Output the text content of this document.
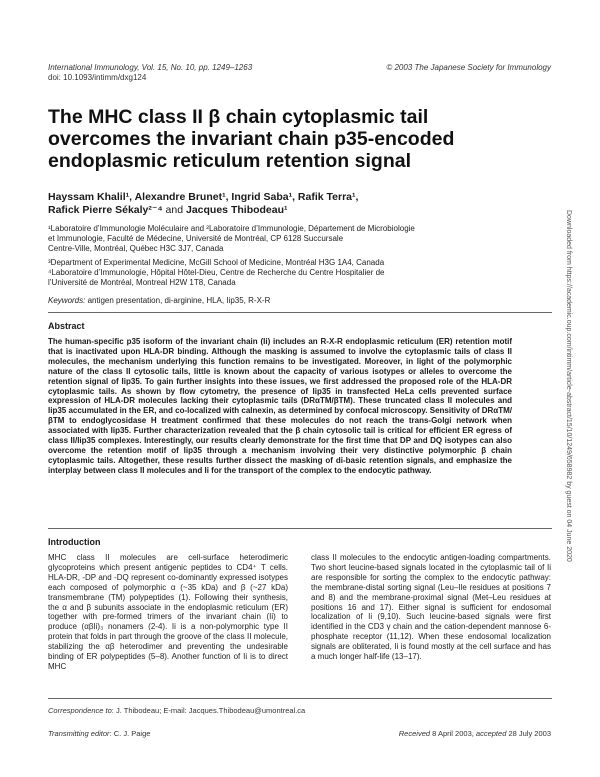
International Immunology, Vol. 15, No. 10, pp. 1249–1263
doi: 10.1093/intimm/dxg124
© 2003 The Japanese Society for Immunology
The MHC class II β chain cytoplasmic tail overcomes the invariant chain p35-encoded endoplasmic reticulum retention signal
Hayssam Khalil¹, Alexandre Brunet¹, Ingrid Saba¹, Rafik Terra¹,
Rafick Pierre Sékaly²⁻⁴ and Jacques Thibodeau¹
¹Laboratoire d’Immunologie Moléculaire and ²Laboratoire d’Immunologie, Département de Microbiologie
et Immunologie, Faculté de Médecine, Université de Montréal, CP 6128 Succursale
Centre-Ville, Montréal, Québec H3C 3J7, Canada
³Department of Experimental Medicine, McGill School of Medicine, Montréal H3G 1A4, Canada
⁴Laboratoire d’Immunologie, Hôpital Hôtel-Dieu, Centre de Recherche du Centre Hospitalier de
l’Université de Montréal, Montreal H2W 1T8, Canada
Keywords: antigen presentation, di-arginine, HLA, Iip35, R-X-R
Abstract
The human-specific p35 isoform of the invariant chain (Ii) includes an R-X-R endoplasmic reticulum (ER) retention motif that is inactivated upon HLA-DR binding. Although the masking is assumed to involve the cytoplasmic tails of class II molecules, the mechanism underlying this function remains to be investigated. Moreover, in light of the polymorphic nature of the class II cytosolic tails, little is known about the capacity of various isotypes or alleles to overcome the retention signal of Iip35. To gain further insights into these issues, we first addressed the proposed role of the HLA-DR cytoplasmic tails. As shown by flow cytometry, the presence of Iip35 in transfected HeLa cells prevented surface expression of HLA-DR molecules lacking their cytoplasmic tails (DRαTM/βTM). These truncated class II molecules and Iip35 accumulated in the ER, and co-localized with calnexin, as determined by confocal microscopy. Sensitivity of DRαTM/βTM to endoglycosidase H treatment confirmed that these molecules do not reach the trans-Golgi network when associated with Iip35. Further characterization revealed that the β chain cytosolic tail is critical for efficient ER egress of class II/Iip35 complexes. Interestingly, our results clearly demonstrate for the first time that DP and DQ isotypes can also overcome the retention motif of Iip35 through a mechanism involving their very distinctive polymorphic β chain cytoplasmic tails. Altogether, these results further dissect the masking of di-basic retention signals, and emphasize the interplay between class II molecules and Ii for the transport of the complex to the endocytic pathway.
Introduction
MHC class II molecules are cell-surface heterodimeric glycoproteins which present antigenic peptides to CD4⁺ T cells. HLA-DR, -DP and -DQ represent co-dominantly expressed isotypes each composed of polymorphic α (~35 kDa) and β (~27 kDa) transmembrane (TM) polypeptides (1). Following their synthesis, the α and β subunits associate in the endoplasmic reticulum (ER) together with pre-formed trimers of the invariant chain (Ii) to produce (αβIi)₃ nonamers (2-4). Ii is a non-polymorphic type II protein that folds in part through the groove of the class II molecule, stabilizing the αβ heterodimer and preventing the undesirable binding of ER polypeptides (5–8). Another function of Ii is to direct MHC
class II molecules to the endocytic antigen-loading compartments. Two short leucine-based signals located in the cytoplasmic tail of Ii are responsible for sorting the complex to the endocytic pathway: the membrane-distal sorting signal (Leu–Ile residues at positions 7 and 8) and the membrane-proximal signal (Met–Leu residues at positions 16 and 17). Either signal is sufficient for endosomal localization of Ii (9,10). Such leucine-based signals were first identified in the CD3 γ chain and the cation-dependent mannose 6-phosphate receptor (11,12). When these endosomal localization signals are obliterated, Ii is found mostly at the cell surface and has a much longer half-life (13–17).
Correspondence to: J. Thibodeau; E-mail: Jacques.Thibodeau@umontreal.ca
Transmitting editor: C. J. Paige	Received 8 April 2003, accepted 28 July 2003
Downloaded from https://academic.oup.com/intimm/article-abstract/15/10/1249/658982 by guest on 04 June 2020
